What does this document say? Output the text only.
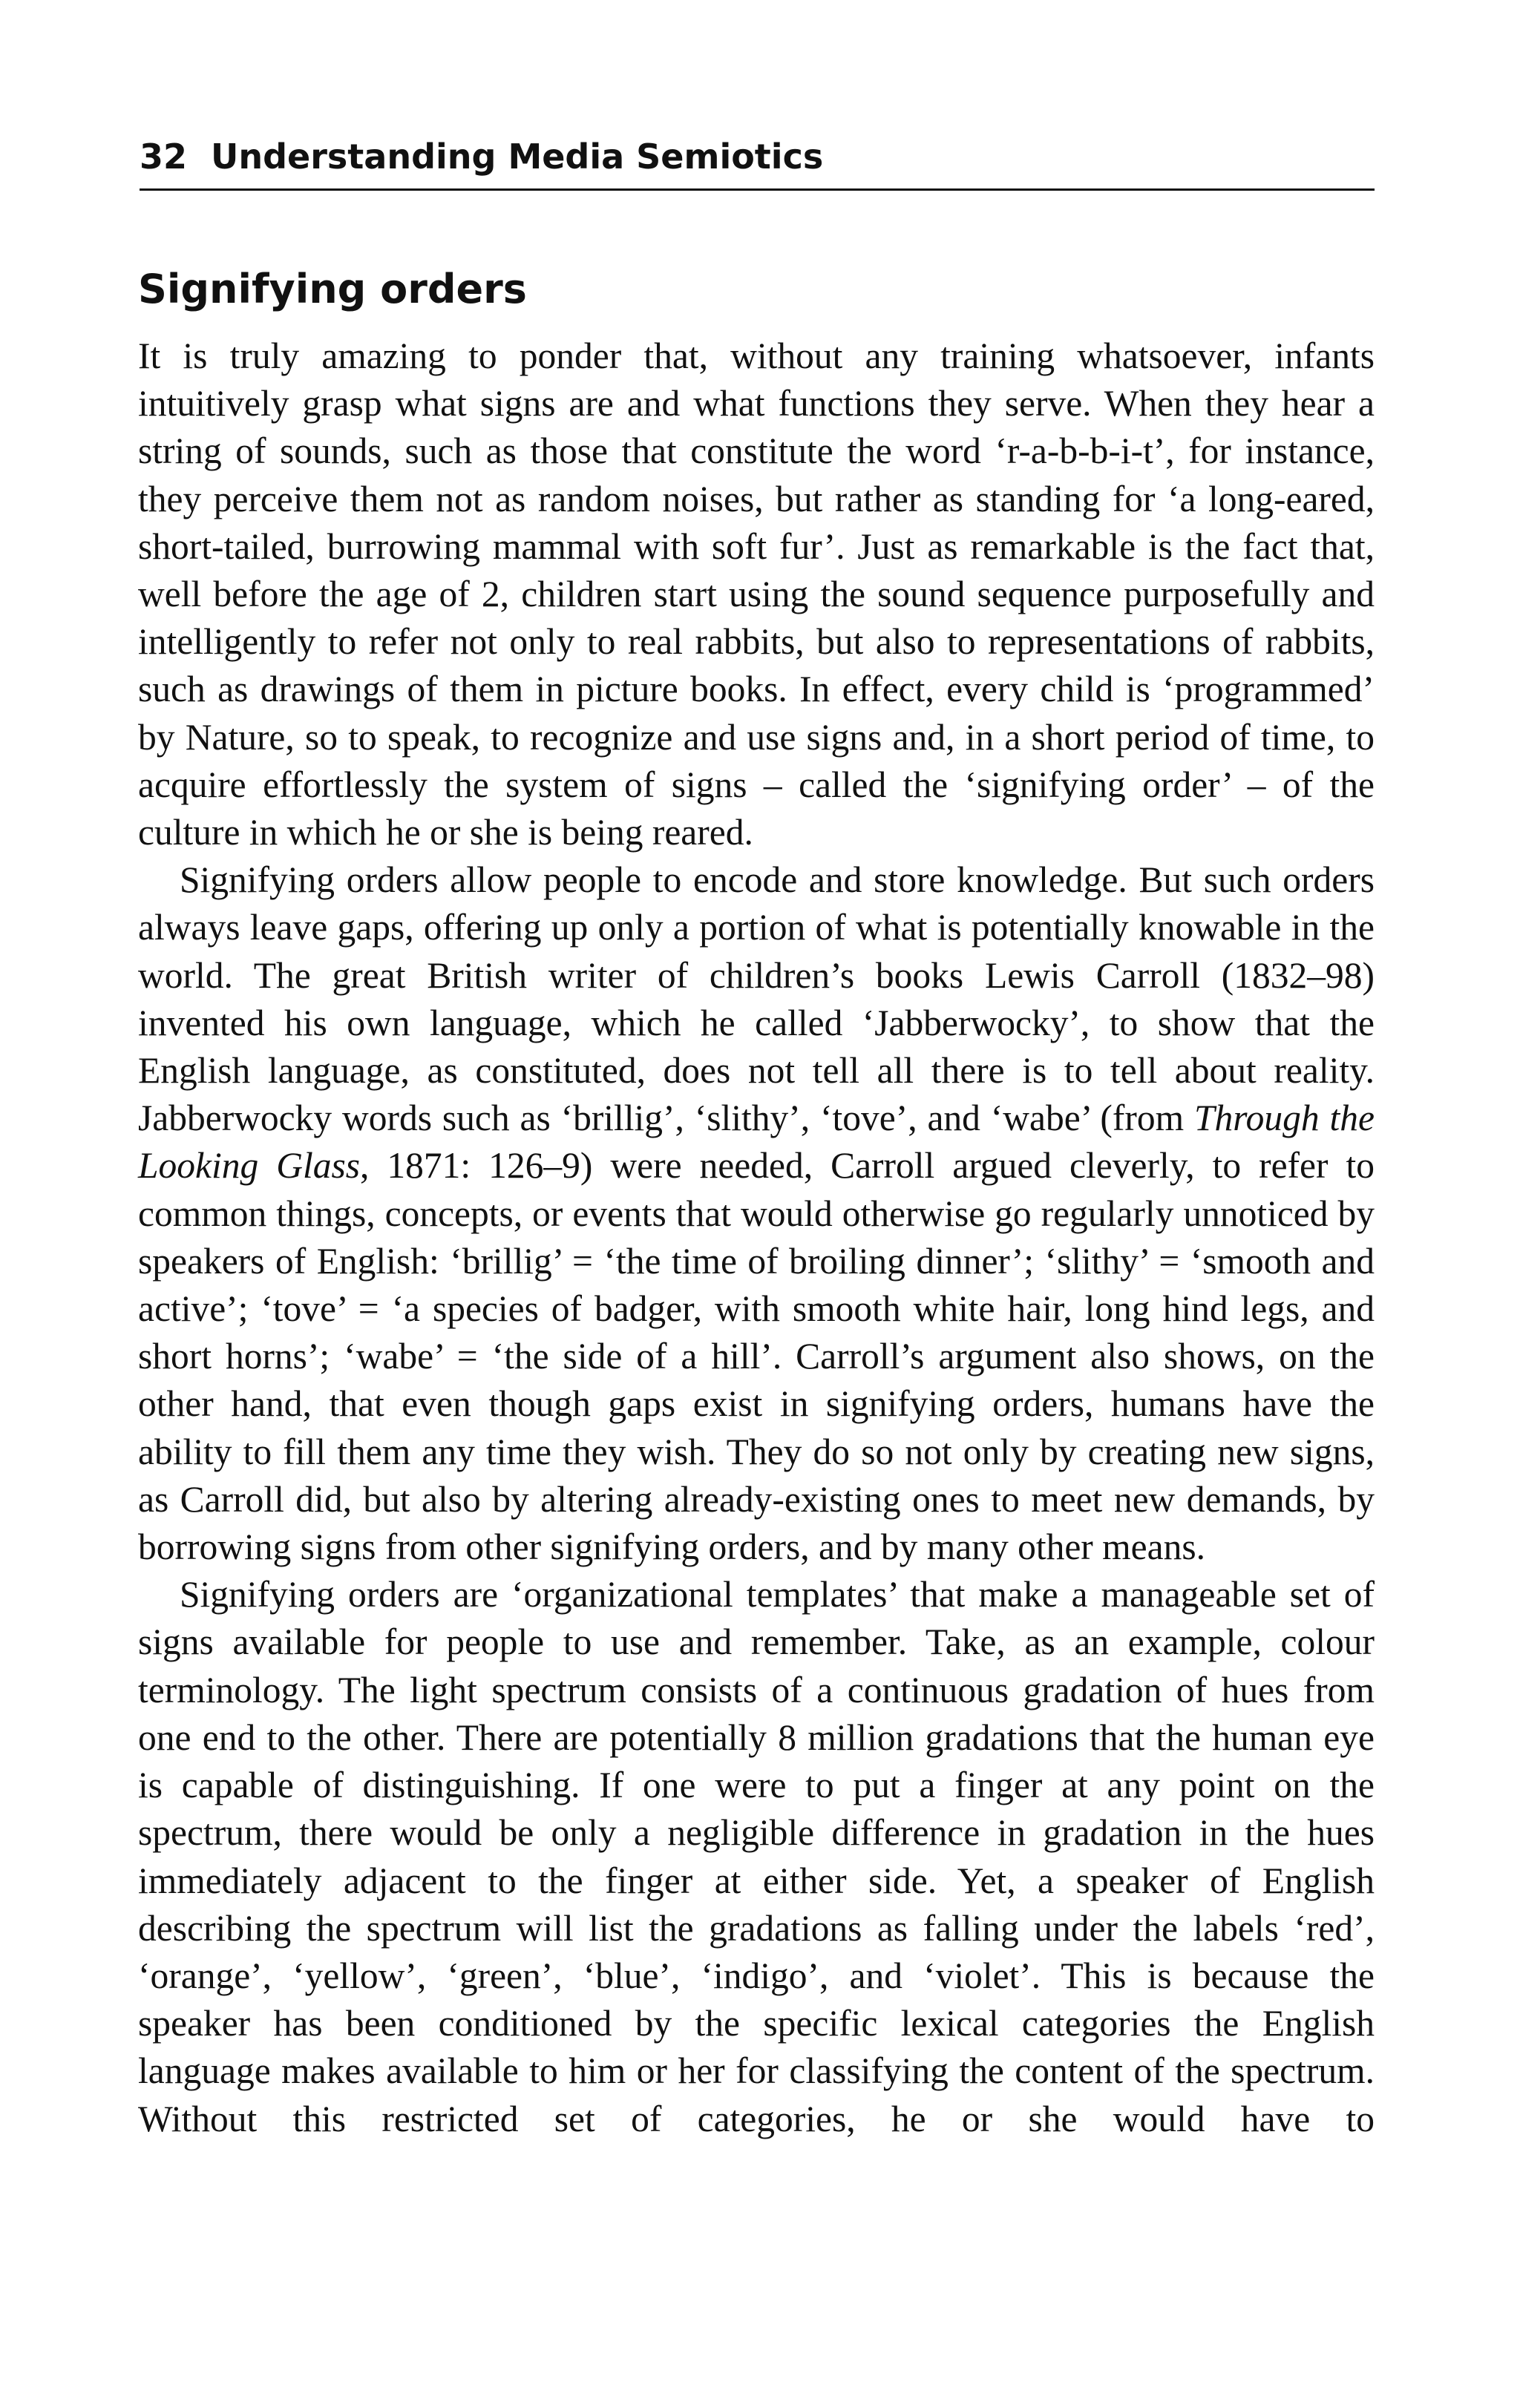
32 Understanding Media Semiotics
Signifying orders

It is truly amazing to ponder that, without any training whatsoever, infants intuitively grasp what signs are and what functions they serve. When they hear a string of sounds, such as those that constitute the word ‘r-a-b-b-i-t’, for instance, they perceive them not as random noises, but rather as standing for ‘a long-eared, short-tailed, burrowing mammal with soft fur’. Just as remarkable is the fact that, well before the age of 2, children start using the sound sequence purposefully and intelligently to refer not only to real rabbits, but also to representations of rabbits, such as drawings of them in picture books. In effect, every child is ‘programmed’ by Nature, so to speak, to recognize and use signs and, in a short period of time, to acquire effortlessly the system of signs – called the ‘signifying order’ – of the culture in which he or she is being reared.

Signifying orders allow people to encode and store knowledge. But such orders always leave gaps, offering up only a portion of what is potentially knowable in the world. The great British writer of children’s books Lewis Carroll (1832–98) invented his own language, which he called ‘Jabberwocky’, to show that the English language, as constituted, does not tell all there is to tell about reality. Jabberwocky words such as ‘brillig’, ‘slithy’, ‘tove’, and ‘wabe’ (from Through the Looking Glass, 1871: 126–9) were needed, Carroll argued cleverly, to refer to common things, concepts, or events that would otherwise go regularly unnoticed by speakers of English: ‘brillig’ = ‘the time of broiling dinner’; ‘slithy’ = ‘smooth and active’; ‘tove’ = ‘a species of badger, with smooth white hair, long hind legs, and short horns’; ‘wabe’ = ‘the side of a hill’. Carroll’s argument also shows, on the other hand, that even though gaps exist in signifying orders, humans have the ability to fill them any time they wish. They do so not only by creating new signs, as Carroll did, but also by altering already-existing ones to meet new demands, by borrowing signs from other signifying orders, and by many other means.

Signifying orders are ‘organizational templates’ that make a manageable set of signs available for people to use and remember. Take, as an example, colour terminology. The light spectrum consists of a continuous gradation of hues from one end to the other. There are potentially 8 million gradations that the human eye is capable of distinguishing. If one were to put a finger at any point on the spectrum, there would be only a negligible difference in gradation in the hues immediately adjacent to the finger at either side. Yet, a speaker of English describing the spectrum will list the gradations as falling under the labels ‘red’, ‘orange’, ‘yellow’, ‘green’, ‘blue’, ‘indigo’, and ‘violet’. This is because the speaker has been conditioned by the specific lexical categories the English language makes available to him or her for classifying the content of the spectrum. Without this restricted set of categories, he or she would have to
